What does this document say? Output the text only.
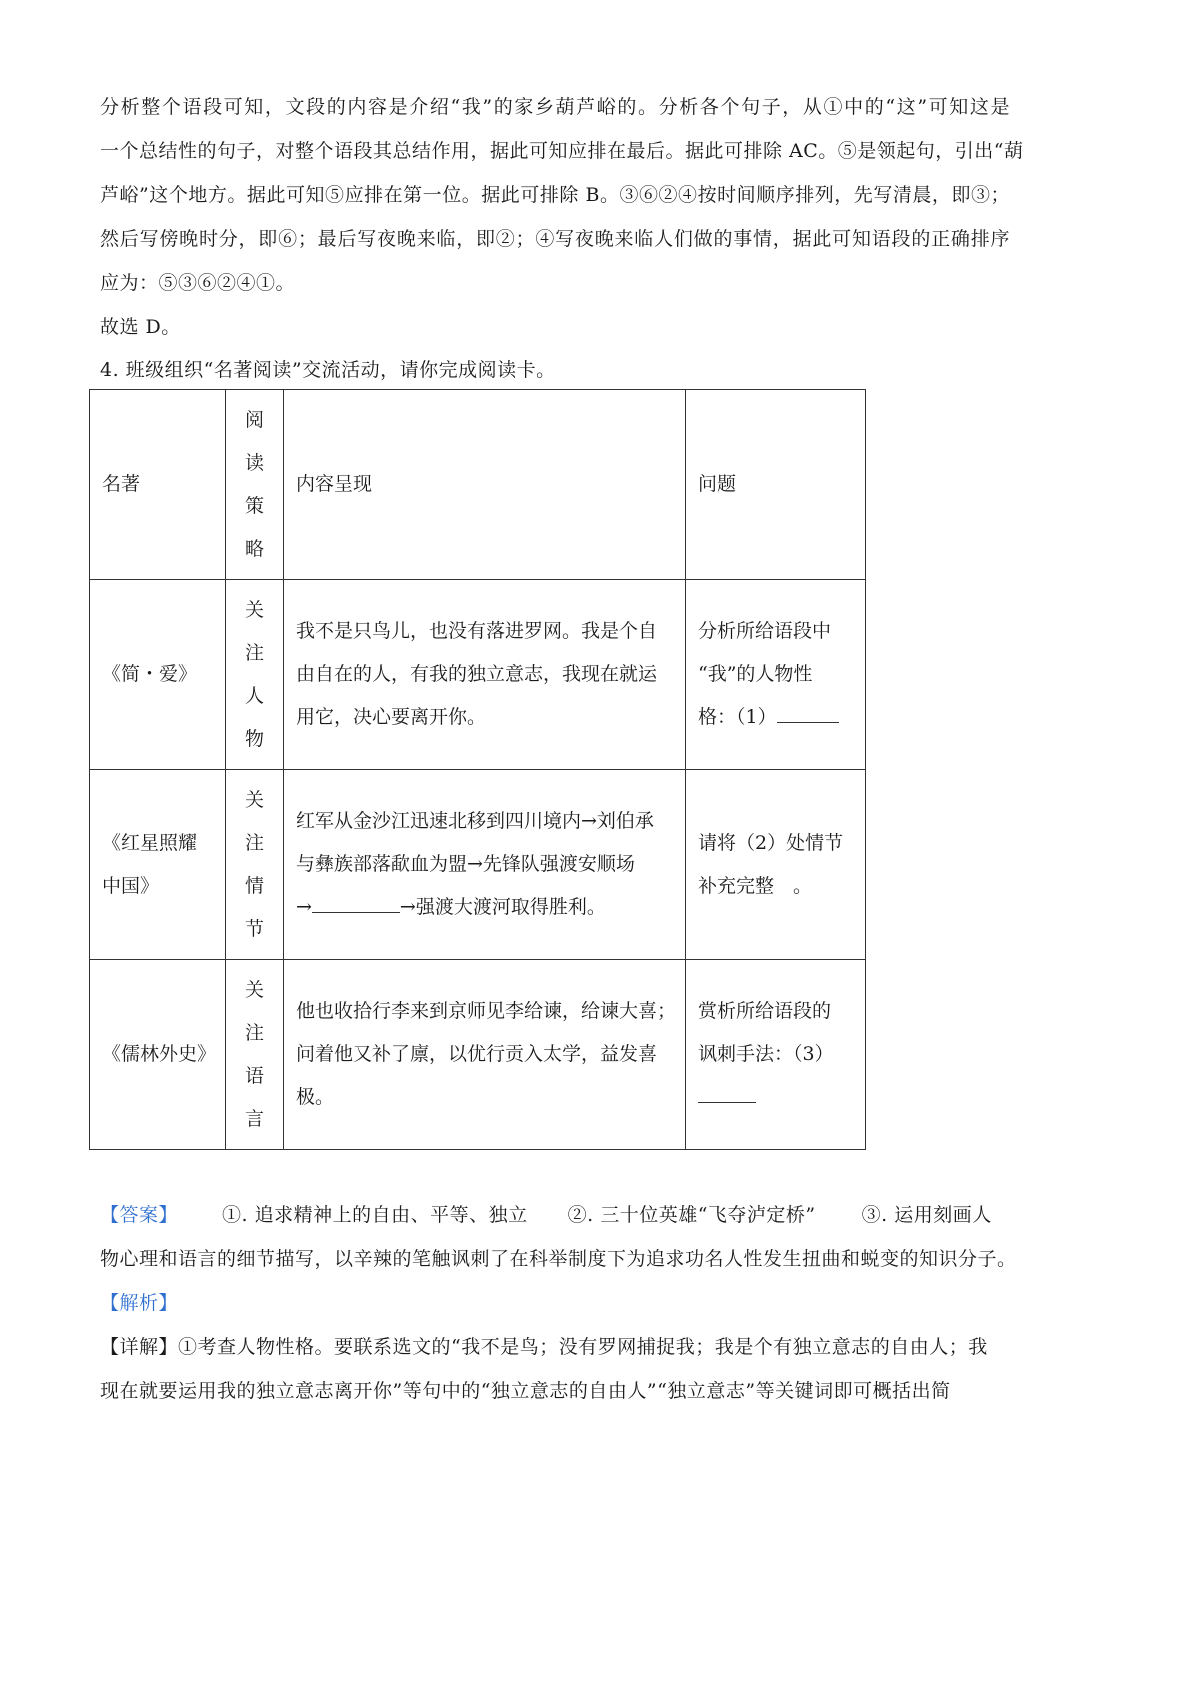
分析整个语段可知，文段的内容是介绍“我”的家乡葫芦峪的。分析各个句子，从①中的“这”可知这是
一个总结性的句子，对整个语段其总结作用，据此可知应排在最后。据此可排除 AC。⑤是领起句，引出“葫
芦峪”这个地方。据此可知⑤应排在第一位。据此可排除 B。③⑥②④按时间顺序排列，先写清晨，即③；
然后写傍晚时分，即⑥；最后写夜晚来临，即②；④写夜晚来临人们做的事情，据此可知语段的正确排序
应为：⑤③⑥②④①。
故选 D。
4. 班级组织“名著阅读”交流活动，请你完成阅读卡。
名著	阅
读
策
略	内容呈现	问题

《简・爱》	关
注
人
物	我不是只鸟儿，也没有落进罗网。我是个自
由自在的人，有我的独立意志，我现在就运
用它，决心要离开你。	分析所给语段中
“我”的人物性
格：（1）

《红星照耀
中国》	关
注
情
节	红军从金沙江迅速北移到四川境内→刘伯承
与彝族部落歃血为盟→先锋队强渡安顺场
→ →强渡大渡河取得胜利。	请将（2）处情节
补充完整　。

《儒林外史》	关
注
语
言	他也收拾行李来到京师见李给谏，给谏大喜；
问着他又补了廪，以优行贡入太学，益发喜
极。	赏析所给语段的
讽刺手法：（3）
【答案】 ①. 追求精神上的自由、平等、独立 ②. 三十位英雄“飞夺泸定桥” ③. 运用刻画人
物心理和语言的细节描写，以辛辣的笔触讽刺了在科举制度下为追求功名人性发生扭曲和蜕变的知识分子。
【解析】
【详解】①考查人物性格。要联系选文的“我不是鸟；没有罗网捕捉我；我是个有独立意志的自由人；我
现在就要运用我的独立意志离开你”等句中的“独立意志的自由人”“独立意志”等关键词即可概括出简
